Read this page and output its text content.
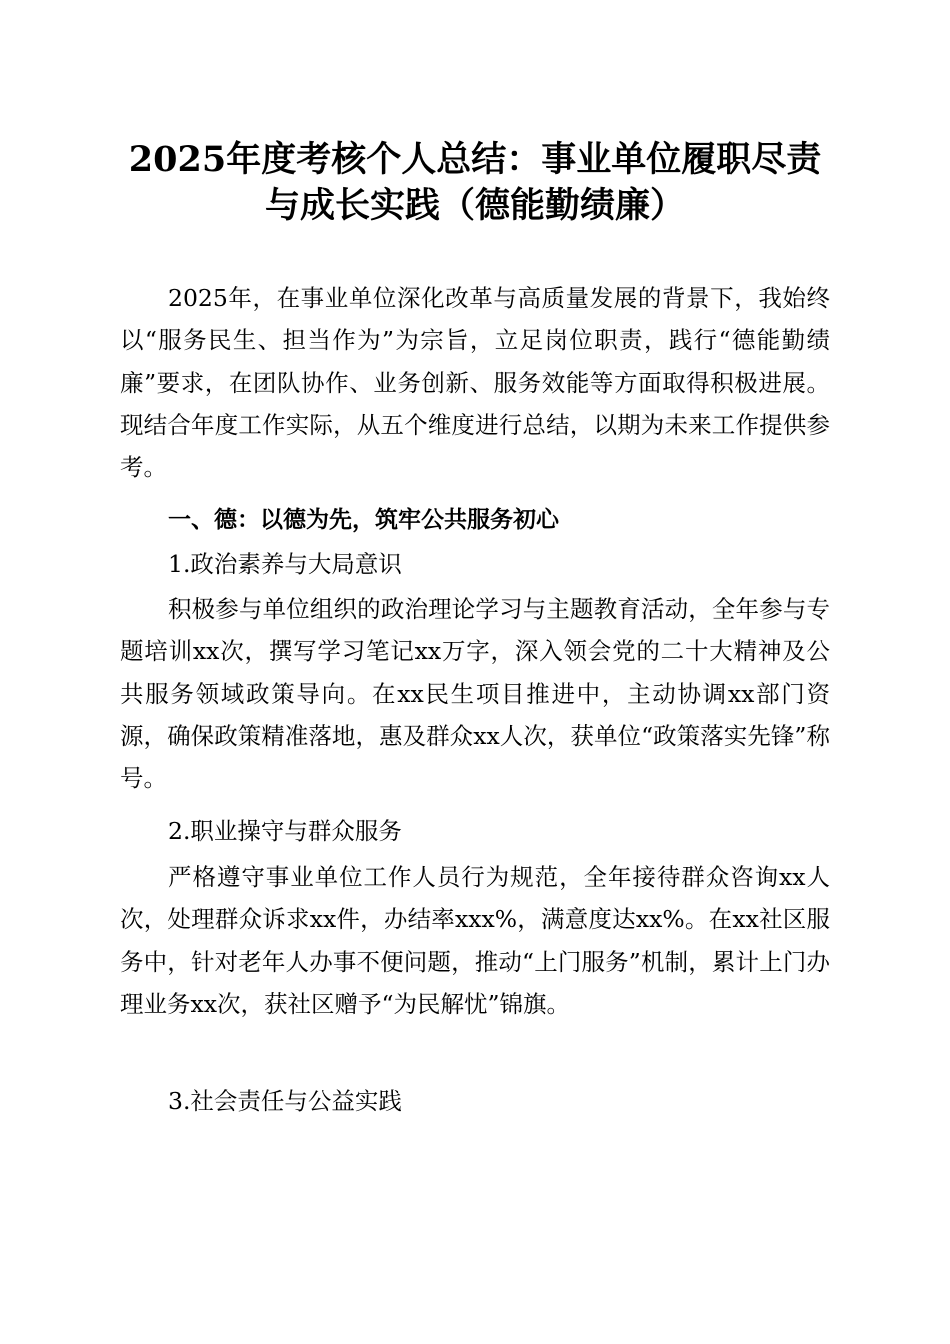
2025年度考核个人总结：事业单位履职尽责
与成长实践（德能勤绩廉）
2025年，在事业单位深化改革与高质量发展的背景下，我始终以“服务民生、担当作为”为宗旨，立足岗位职责，践行“德能勤绩廉”要求，在团队协作、业务创新、服务效能等方面取得积极进展。现结合年度工作实际，从五个维度进行总结，以期为未来工作提供参考。
一、德：以德为先，筑牢公共服务初心
1.政治素养与大局意识
积极参与单位组织的政治理论学习与主题教育活动，全年参与专题培训xx次，撰写学习笔记xx万字，深入领会党的二十大精神及公共服务领域政策导向。在xx民生项目推进中，主动协调xx部门资源，确保政策精准落地，惠及群众xx人次，获单位“政策落实先锋”称号。
2.职业操守与群众服务
严格遵守事业单位工作人员行为规范，全年接待群众咨询xx人次，处理群众诉求xx件，办结率xxx%，满意度达xx%。在xx社区服务中，针对老年人办事不便问题，推动“上门服务”机制，累计上门办理业务xx次，获社区赠予“为民解忧”锦旗。
3.社会责任与公益实践
